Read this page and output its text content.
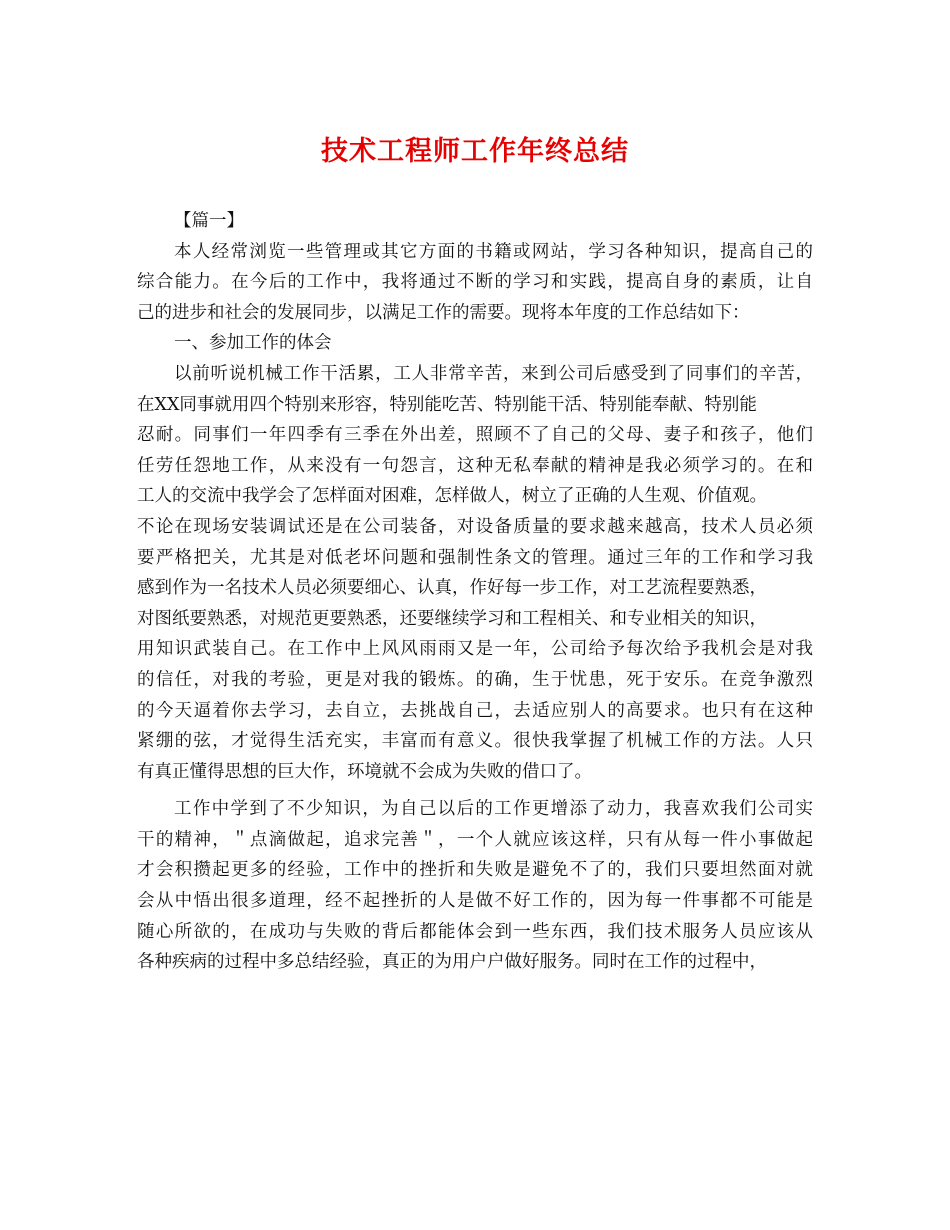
技术工程师工作年终总结
【篇一】
本人经常浏览一些管理或其它方面的书籍或网站，学习各种知识，提高自己的
综合能力。在今后的工作中，我将通过不断的学习和实践，提高自身的素质，让自
己的进步和社会的发展同步，以满足工作的需要。现将本年度的工作总结如下：
一、参加工作的体会
以前听说机械工作干活累，工人非常辛苦，来到公司后感受到了同事们的辛苦，
在XX同事就用四个特别来形容，特别能吃苦、特别能干活、特别能奉献、特别能
忍耐。同事们一年四季有三季在外出差，照顾不了自己的父母、妻子和孩子，他们
任劳任怨地工作，从来没有一句怨言，这种无私奉献的精神是我必须学习的。在和
工人的交流中我学会了怎样面对困难，怎样做人，树立了正确的人生观、价值观。
不论在现场安装调试还是在公司装备，对设备质量的要求越来越高，技术人员必须
要严格把关，尤其是对低老坏问题和强制性条文的管理。通过三年的工作和学习我
感到作为一名技术人员必须要细心、认真，作好每一步工作，对工艺流程要熟悉，
对图纸要熟悉，对规范更要熟悉，还要继续学习和工程相关、和专业相关的知识，
用知识武装自己。在工作中上风风雨雨又是一年，公司给予每次给予我机会是对我
的信任，对我的考验，更是对我的锻炼。的确，生于忧患，死于安乐。在竞争激烈
的今天逼着你去学习，去自立，去挑战自己，去适应别人的高要求。也只有在这种
紧绷的弦，才觉得生活充实，丰富而有意义。很快我掌握了机械工作的方法。人只
有真正懂得思想的巨大作，环境就不会成为失败的借口了。
工作中学到了不少知识，为自己以后的工作更增添了动力，我喜欢我们公司实
干的精神，＂点滴做起，追求完善＂，一个人就应该这样，只有从每一件小事做起
才会积攒起更多的经验，工作中的挫折和失败是避免不了的，我们只要坦然面对就
会从中悟出很多道理，经不起挫折的人是做不好工作的，因为每一件事都不可能是
随心所欲的，在成功与失败的背后都能体会到一些东西，我们技术服务人员应该从
各种疾病的过程中多总结经验，真正的为用户户做好服务。同时在工作的过程中，
